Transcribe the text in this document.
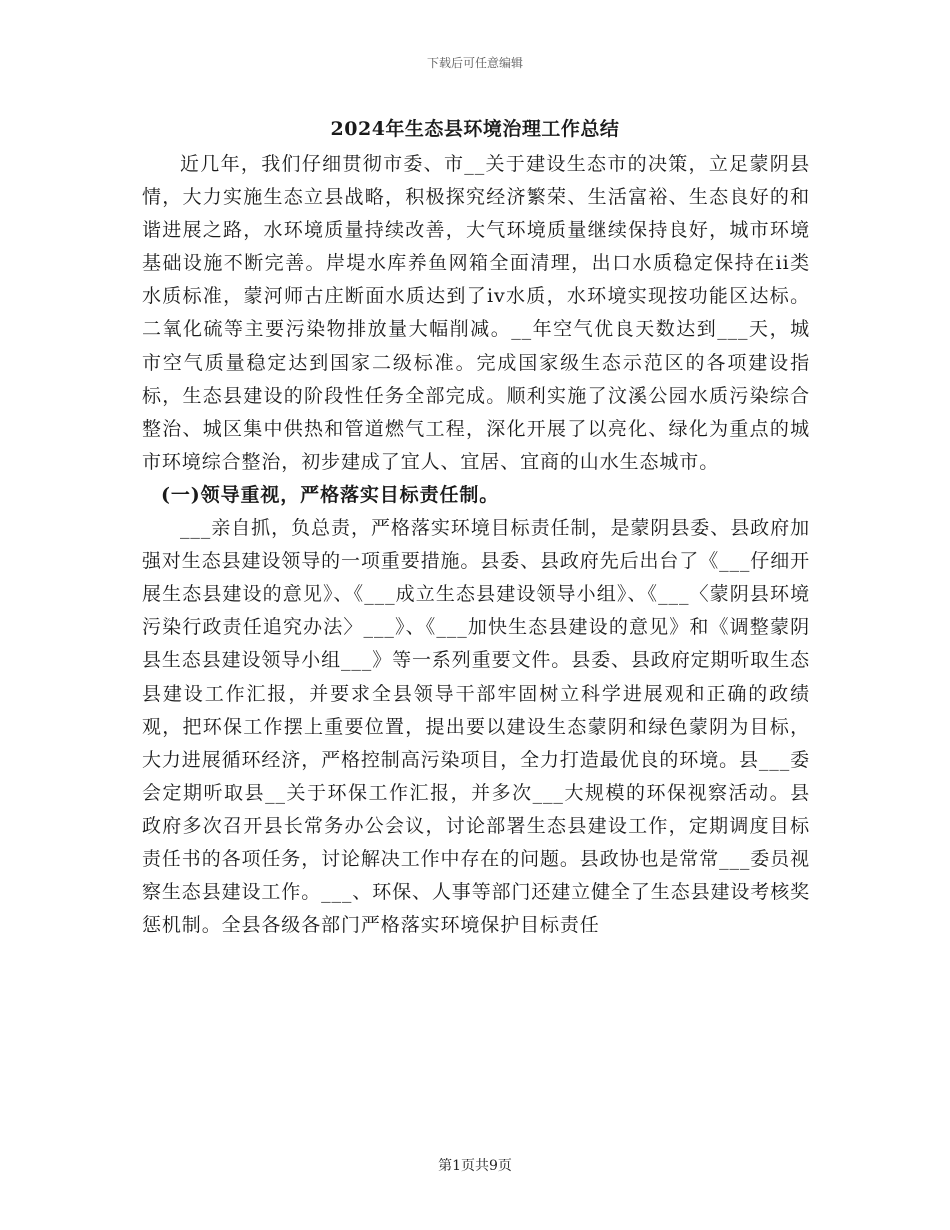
下载后可任意编辑
2024年生态县环境治理工作总结

近几年，我们仔细贯彻市委、市__关于建设生态市的决策，立足蒙阴县情，大力实施生态立县战略，积极探究经济繁荣、生活富裕、生态良好的和谐进展之路，水环境质量持续改善，大气环境质量继续保持良好，城市环境基础设施不断完善。岸堤水库养鱼网箱全面清理，出口水质稳定保持在ii类水质标准，蒙河师古庄断面水质达到了iv水质，水环境实现按功能区达标。二氧化硫等主要污染物排放量大幅削减。__年空气优良天数达到___天，城市空气质量稳定达到国家二级标准。完成国家级生态示范区的各项建设指标，生态县建设的阶段性任务全部完成。顺利实施了汶溪公园水质污染综合整治、城区集中供热和管道燃气工程，深化开展了以亮化、绿化为重点的城市环境综合整治，初步建成了宜人、宜居、宜商的山水生态城市。

(一)领导重视，严格落实目标责任制。

___亲自抓，负总责，严格落实环境目标责任制，是蒙阴县委、县政府加强对生态县建设领导的一项重要措施。县委、县政府先后出台了《___仔细开展生态县建设的意见》、《___成立生态县建设领导小组》、《___〈蒙阴县环境污染行政责任追究办法〉___》、《___加快生态县建设的意见》和《调整蒙阴县生态县建设领导小组___》等一系列重要文件。县委、县政府定期听取生态县建设工作汇报，并要求全县领导干部牢固树立科学进展观和正确的政绩观，把环保工作摆上重要位置，提出要以建设生态蒙阴和绿色蒙阴为目标，大力进展循环经济，严格控制高污染项目，全力打造最优良的环境。县___委会定期听取县__关于环保工作汇报，并多次___大规模的环保视察活动。县政府多次召开县长常务办公会议，讨论部署生态县建设工作，定期调度目标责任书的各项任务，讨论解决工作中存在的问题。县政协也是常常___委员视察生态县建设工作。___、环保、人事等部门还建立健全了生态县建设考核奖惩机制。全县各级各部门严格落实环境保护目标责任

第1页共9页
